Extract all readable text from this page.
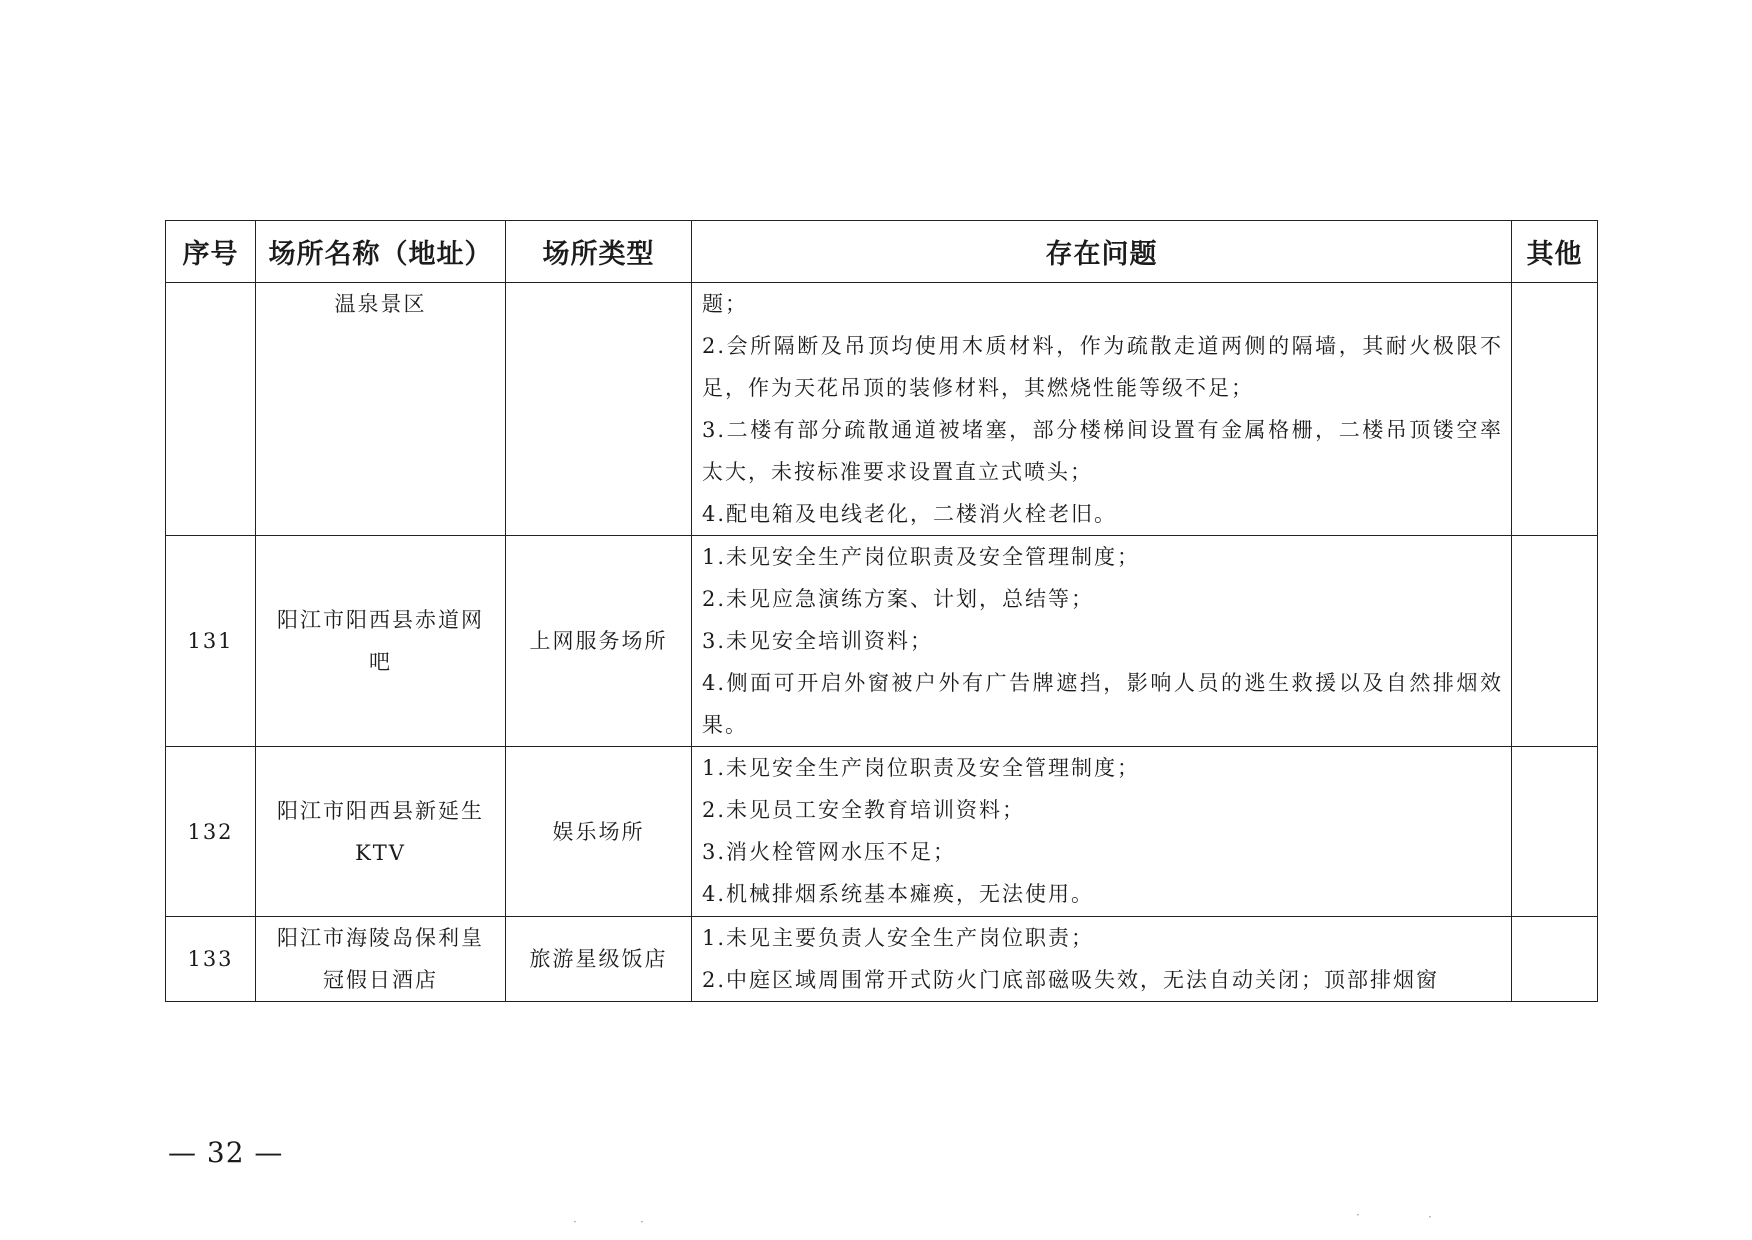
序号	场所名称（地址）	场所类型	存在问题	其他
	温泉景区		题；
2.会所隔断及吊顶均使用木质材料，作为疏散走道两侧的隔墙，其耐火极限不足，作为天花吊顶的装修材料，其燃烧性能等级不足；
3.二楼有部分疏散通道被堵塞，部分楼梯间设置有金属格栅，二楼吊顶镂空率太大，未按标准要求设置直立式喷头；
4.配电箱及电线老化，二楼消火栓老旧。	

131	阳江市阳西县赤道网吧	上网服务场所	1.未见安全生产岗位职责及安全管理制度；
2.未见应急演练方案、计划，总结等；
3.未见安全培训资料；
4.侧面可开启外窗被户外有广告牌遮挡，影响人员的逃生救援以及自然排烟效果。	

132	阳江市阳西县新延生KTV	娱乐场所	1.未见安全生产岗位职责及安全管理制度；
2.未见员工安全教育培训资料；
3.消火栓管网水压不足；
4.机械排烟系统基本瘫痪，无法使用。	

133	阳江市海陵岛保利皇冠假日酒店	旅游星级饭店	1.未见主要负责人安全生产岗位职责；
2.中庭区域周围常开式防火门底部磁吸失效，无法自动关闭；顶部排烟窗	

— 32 —
·	·	·	·
